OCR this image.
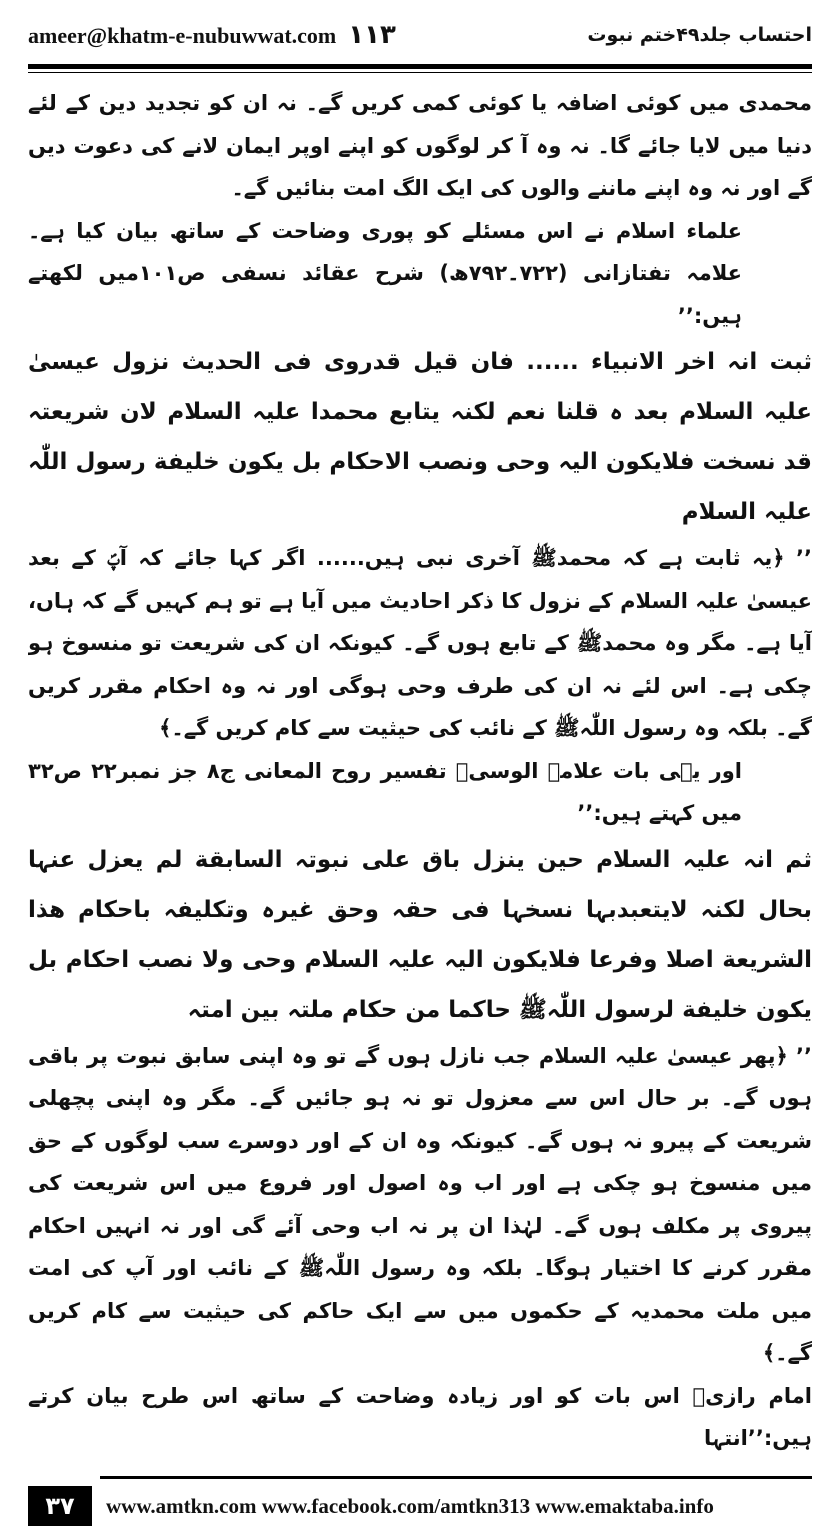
ameer@khatm-e-nubuwwat.com ۱۱۳	احتساب جلد۴۹ختم نبوت

محمدی میں کوئی اضافہ یا کوئی کمی کریں گے۔ نہ ان کو تجدید دین کے لئے دنیا میں لایا جائے گا۔ نہ وہ آ کر لوگوں کو اپنے اوپر ایمان لانے کی دعوت دیں گے اور نہ وہ اپنے ماننے والوں کی ایک الگ امت بنائیں گے۔

علماء اسلام نے اس مسئلے کو پوری وضاحت کے ساتھ بیان کیا ہے۔علامہ تفتازانی (۷۲۲۔۷۹۲ھ) شرح عقائد نسفی ص۱۰۱میں لکھتے ہیں:’’

ثبت انہ اخر الانبیاء ...... فان قیل قدروی فی الحدیث نزول عیسیٰ علیہ السلام بعد ہ قلنا نعم لکنہ یتابع محمدا علیہ السلام لان شریعتہ قد نسخت فلایکون الیہ وحی ونصب الاحکام بل یکون خلیفة رسول اللّٰہ علیہ السلام

’’ ﴿یہ ثابت ہے کہ محمدﷺ آخری نبی ہیں...... اگر کہا جائے کہ آپؐ کے بعد عیسیٰ علیہ السلام کے نزول کا ذکر احادیث میں آیا ہے تو ہم کہیں گے کہ ہاں، آیا ہے۔ مگر وہ محمدﷺ کے تابع ہوں گے۔ کیونکہ ان کی شریعت تو منسوخ ہو چکی ہے۔ اس لئے نہ ان کی طرف وحی ہوگی اور نہ وہ احکام مقرر کریں گے۔ بلکہ وہ رسول اللّٰہﷺ کے نائب کی حیثیت سے کام کریں گے۔﴾

اور یہی بات علامہ الوسیؒ تفسیر روح المعانی ج۸ جز نمبر۲۲ ص۳۲ میں کہتے ہیں:’’

ثم انہ علیہ السلام حین ینزل باق علی نبوتہ السابقة لم یعزل عنہا بحال لکنہ لایتعبدبہا نسخہا فی حقہ وحق غیرہ وتکلیفہ باحکام ھذا الشریعة اصلا وفرعا فلایکون الیہ علیہ السلام وحی ولا نصب احکام بل یکون خلیفة لرسول اللّٰہﷺ حاکما من حکام ملتہ بین امتہ

’’ ﴿پھر عیسیٰ علیہ السلام جب نازل ہوں گے تو وہ اپنی سابق نبوت پر باقی ہوں گے۔ بر حال اس سے معزول تو نہ ہو جائیں گے۔ مگر وہ اپنی پچھلی شریعت کے پیرو نہ ہوں گے۔ کیونکہ وہ ان کے اور دوسرے سب لوگوں کے حق میں منسوخ ہو چکی ہے اور اب وہ اصول اور فروع میں اس شریعت کی پیروی پر مکلف ہوں گے۔ لہٰذا ان پر نہ اب وحی آئے گی اور نہ انہیں احکام مقرر کرنے کا اختیار ہوگا۔ بلکہ وہ رسول اللّٰہﷺ کے نائب اور آپ کی امت میں ملت محمدیہ کے حکموں میں سے ایک حاکم کی حیثیت سے کام کریں گے۔﴾

امام رازیؒ اس بات کو اور زیادہ وضاحت کے ساتھ اس طرح بیان کرتے ہیں:’’انتہا

۳۷	www.amtkn.com www.facebook.com/amtkn313 www.emaktaba.info
